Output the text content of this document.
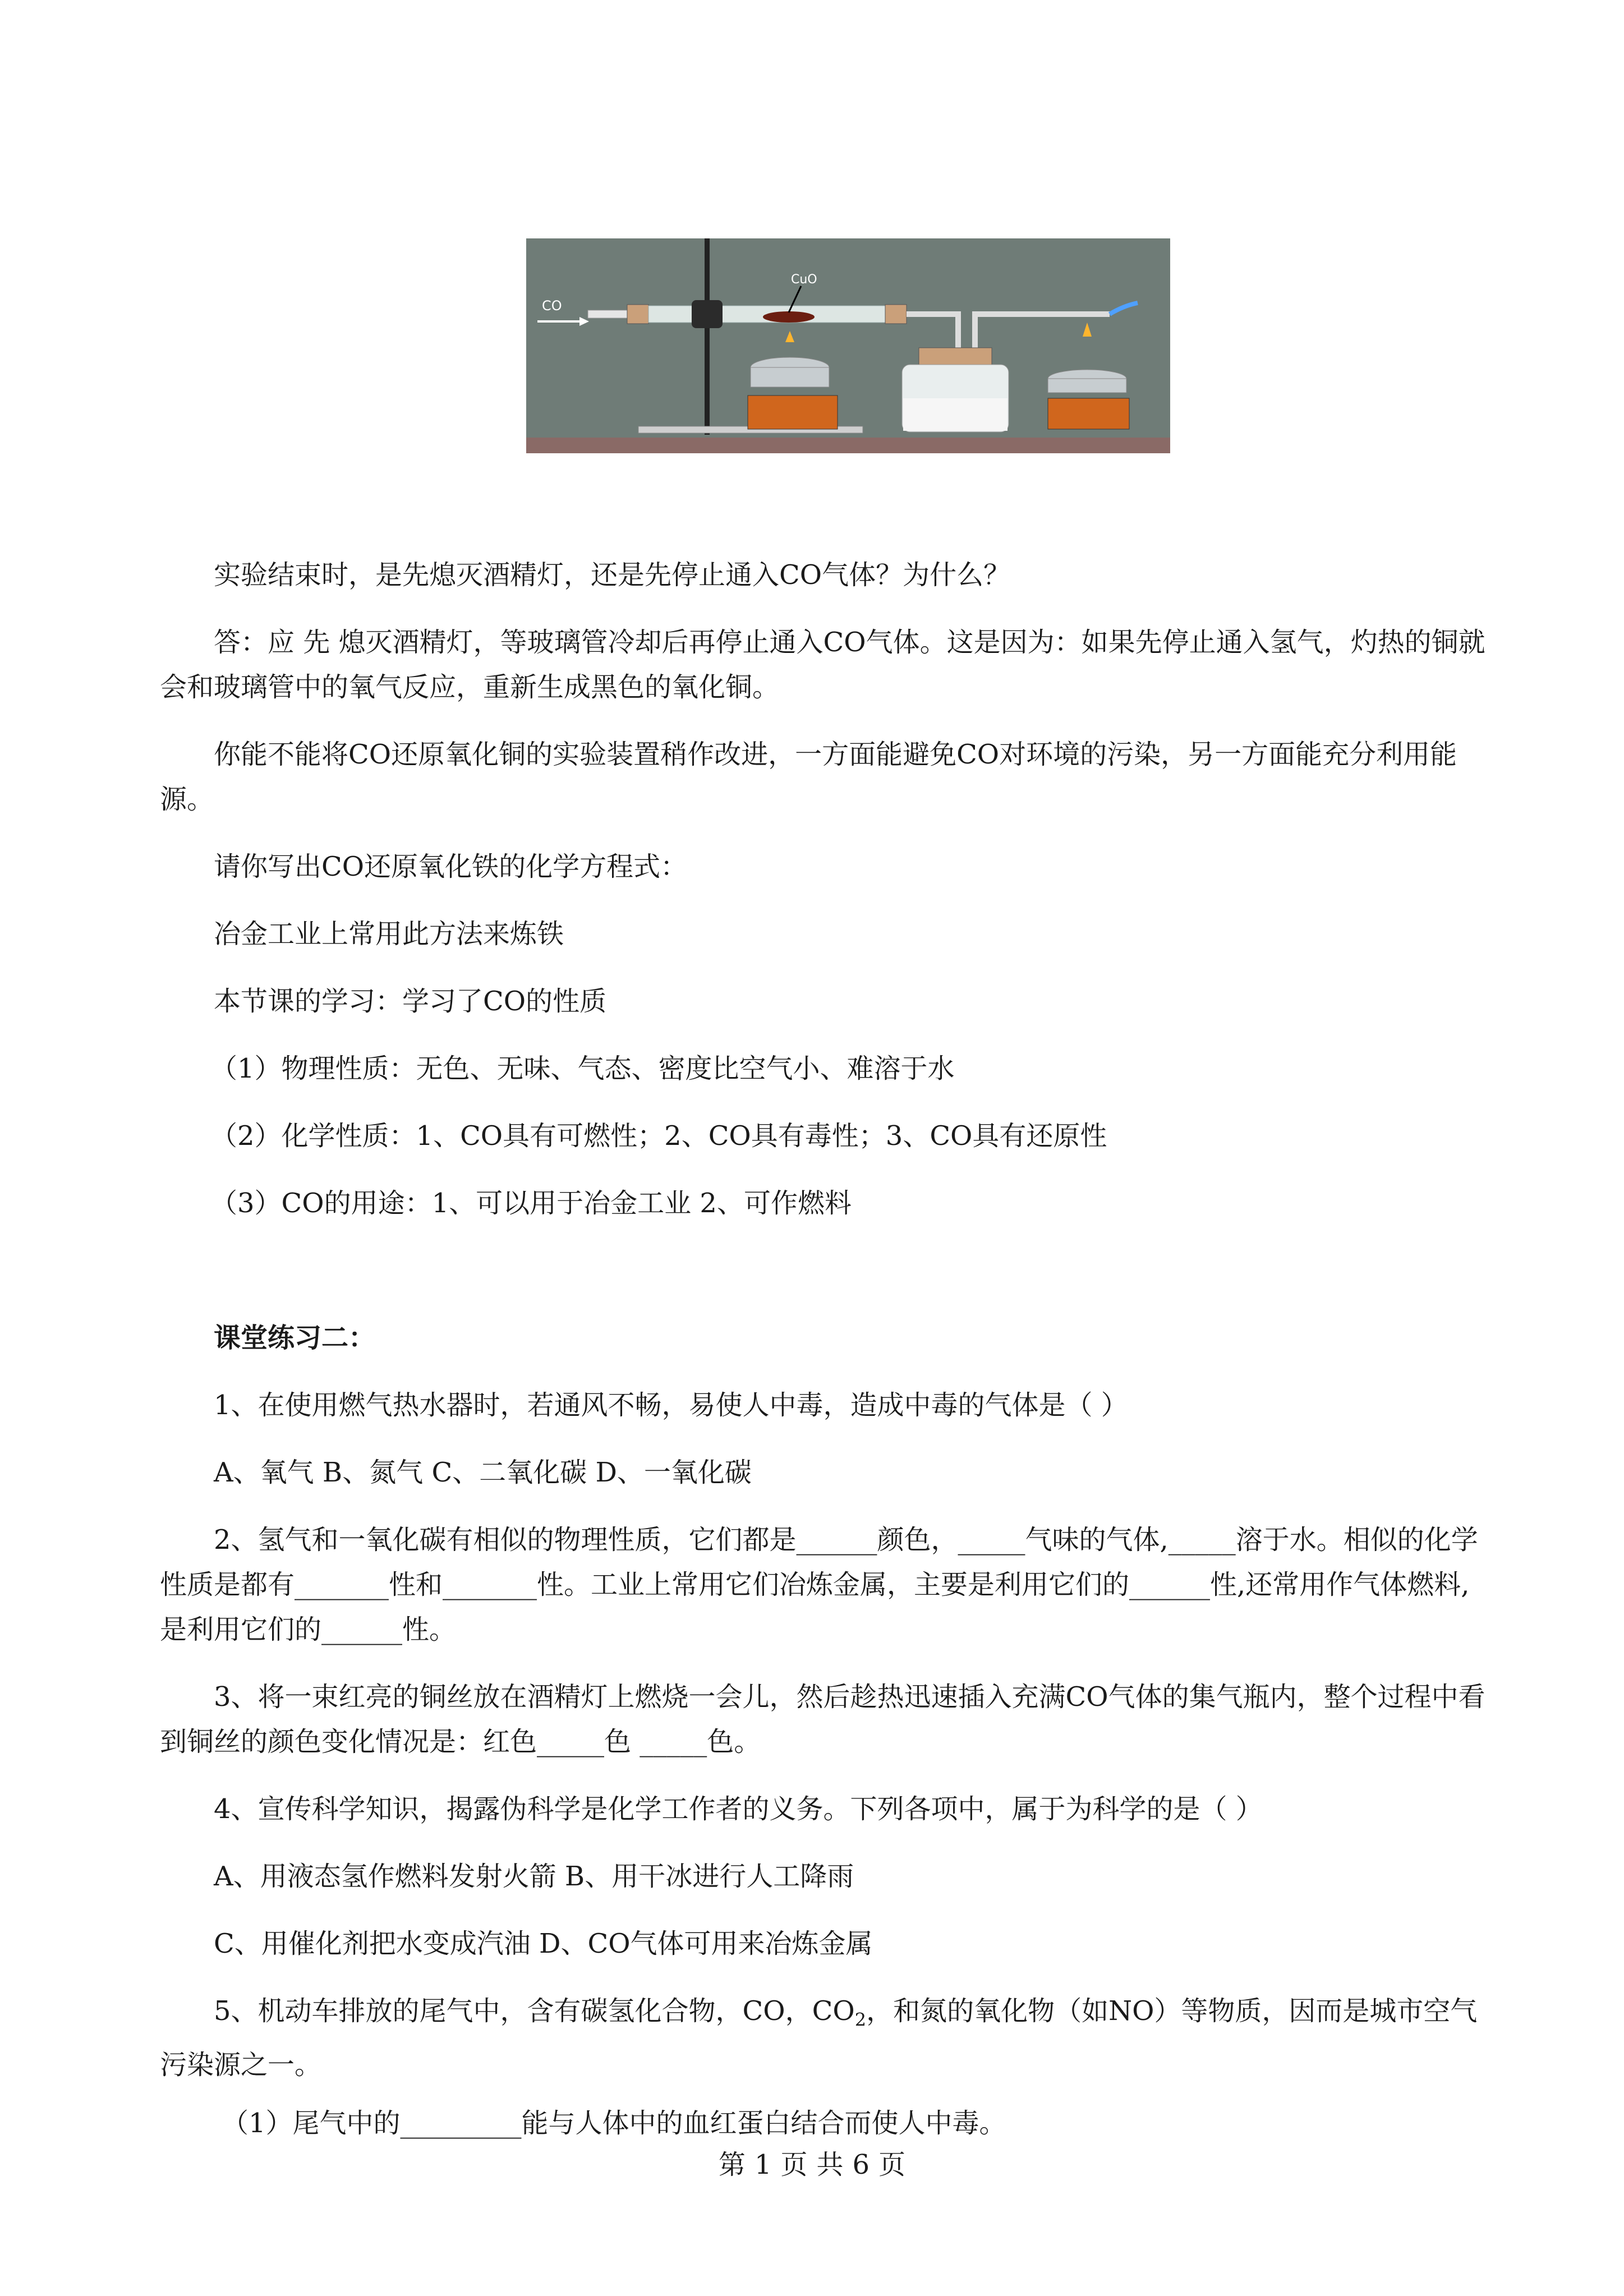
CuO
CO
实验结束时，是先熄灭酒精灯，还是先停止通入CO气体？为什么？
答：应 先 熄灭酒精灯，等玻璃管冷却后再停止通入CO气体。这是因为：如果先停止通入氢气，灼热的铜就会和玻璃管中的氧气反应，重新生成黑色的氧化铜。
你能不能将CO还原氧化铜的实验装置稍作改进，一方面能避免CO对环境的污染，另一方面能充分利用能源。
请你写出CO还原氧化铁的化学方程式：
冶金工业上常用此方法来炼铁
本节课的学习：学习了CO的性质
（1）物理性质：无色、无味、气态、密度比空气小、难溶于水
（2）化学性质：1、CO具有可燃性；2、CO具有毒性；3、CO具有还原性
（3）CO的用途：1、可以用于冶金工业 2、可作燃料
课堂练习二：
1、在使用燃气热水器时，若通风不畅，易使人中毒，造成中毒的气体是（ ）
A、氧气 B、氮气 C、二氧化碳 D、一氧化碳
2、氢气和一氧化碳有相似的物理性质，它们都是______颜色，_____气味的气体,_____溶于水。相似的化学性质是都有_______性和_______性。工业上常用它们冶炼金属，主要是利用它们的______性,还常用作气体燃料,是利用它们的______性。
3、将一束红亮的铜丝放在酒精灯上燃烧一会儿，然后趁热迅速插入充满CO气体的集气瓶内，整个过程中看到铜丝的颜色变化情况是：红色_____色 _____色。
4、宣传科学知识，揭露伪科学是化学工作者的义务。下列各项中，属于为科学的是（ ）
A、用液态氢作燃料发射火箭 B、用干冰进行人工降雨
C、用催化剂把水变成汽油 D、CO气体可用来冶炼金属
5、机动车排放的尾气中，含有碳氢化合物，CO，$CO_2$，和氮的氧化物（如NO）等物质，因而是城市空气污染源之一。
（1）尾气中的_________能与人体中的血红蛋白结合而使人中毒。
第 1 页 共 6 页
